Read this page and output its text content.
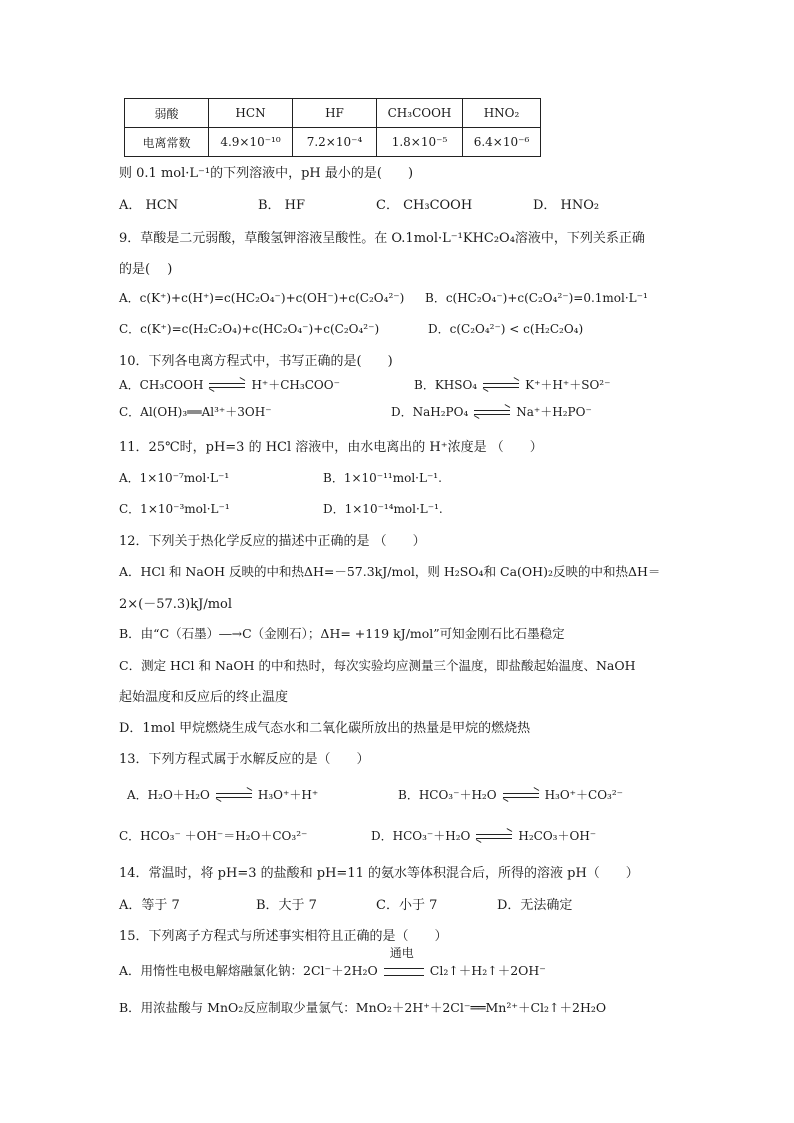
弱酸	HCN	HF	CH₃COOH	HNO₂
电离常数	4.9×10⁻¹⁰	7.2×10⁻⁴	1.8×10⁻⁵	6.4×10⁻⁶
则 0.1 mol·L⁻¹的下列溶液中，pH 最小的是(　　)
A． HCN	B． HF	C． CH₃COOH	D． HNO₂
9．草酸是二元弱酸，草酸氢钾溶液呈酸性。在 O.1mol·L⁻¹KHC₂O₄溶液中，下列关系正确
的是(　 )
A．c(K⁺)+c(H⁺)=c(HC₂O₄⁻)+c(OH⁻)+c(C₂O₄²⁻) B．c(HC₂O₄⁻)+c(C₂O₄²⁻)=0.1mol·L⁻¹
C．c(K⁺)=c(H₂C₂O₄)+c(HC₂O₄⁻)+c(C₂O₄²⁻)	D．c(C₂O₄²⁻) < c(H₂C₂O₄)
10．下列各电离方程式中，书写正确的是(　　)
A．CH₃COOH	H⁺＋CH₃COO⁻	B．KHSO₄	K⁺＋H⁺＋SO²⁻
C．Al(OH)₃══Al³⁺＋3OH⁻	D．NaH₂PO₄	Na⁺＋H₂PO⁻
11．25℃时，pH=3 的 HCl 溶液中，由水电离出的 H⁺浓度是 （　　）
A．1×10⁻⁷mol·L⁻¹	B．1×10⁻¹¹mol·L⁻¹.
C．1×10⁻³mol·L⁻¹	D．1×10⁻¹⁴mol·L⁻¹.
12．下列关于热化学反应的描述中正确的是 （　　）
A．HCl 和 NaOH 反映的中和热ΔH=－57.3kJ/mol，则 H₂SO₄和 Ca(OH)₂反映的中和热ΔH＝
2×(－57.3)kJ/mol
B．由“C（石墨）―→C（金刚石）；ΔH= +119 kJ/mol”可知金刚石比石墨稳定
C．测定 HCl 和 NaOH 的中和热时，每次实验均应测量三个温度，即盐酸起始温度、NaOH
起始温度和反应后的终止温度
D．1mol 甲烷燃烧生成气态水和二氧化碳所放出的热量是甲烷的燃烧热
13．下列方程式属于水解反应的是（　　）
A．H₂O＋H₂O	H₃O⁺＋H⁺	B．HCO₃⁻＋H₂O	H₃O⁺＋CO₃²⁻
C．HCO₃⁻ ＋OH⁻＝H₂O＋CO₃²⁻	D．HCO₃⁻＋H₂O	H₂CO₃＋OH⁻
14．常温时，将 pH=3 的盐酸和 pH=11 的氨水等体积混合后，所得的溶液 pH（　　）
A．等于 7	B．大于 7	C．小于 7	D．无法确定
15．下列离子方程式与所述事实相符且正确的是（　　）
A．用惰性电极电解熔融氯化钠：2Cl⁻＋2H₂O
通电
Cl₂↑＋H₂↑＋2OH⁻
B．用浓盐酸与 MnO₂反应制取少量氯气：MnO₂＋2H⁺＋2Cl⁻══Mn²⁺＋Cl₂↑＋2H₂O
